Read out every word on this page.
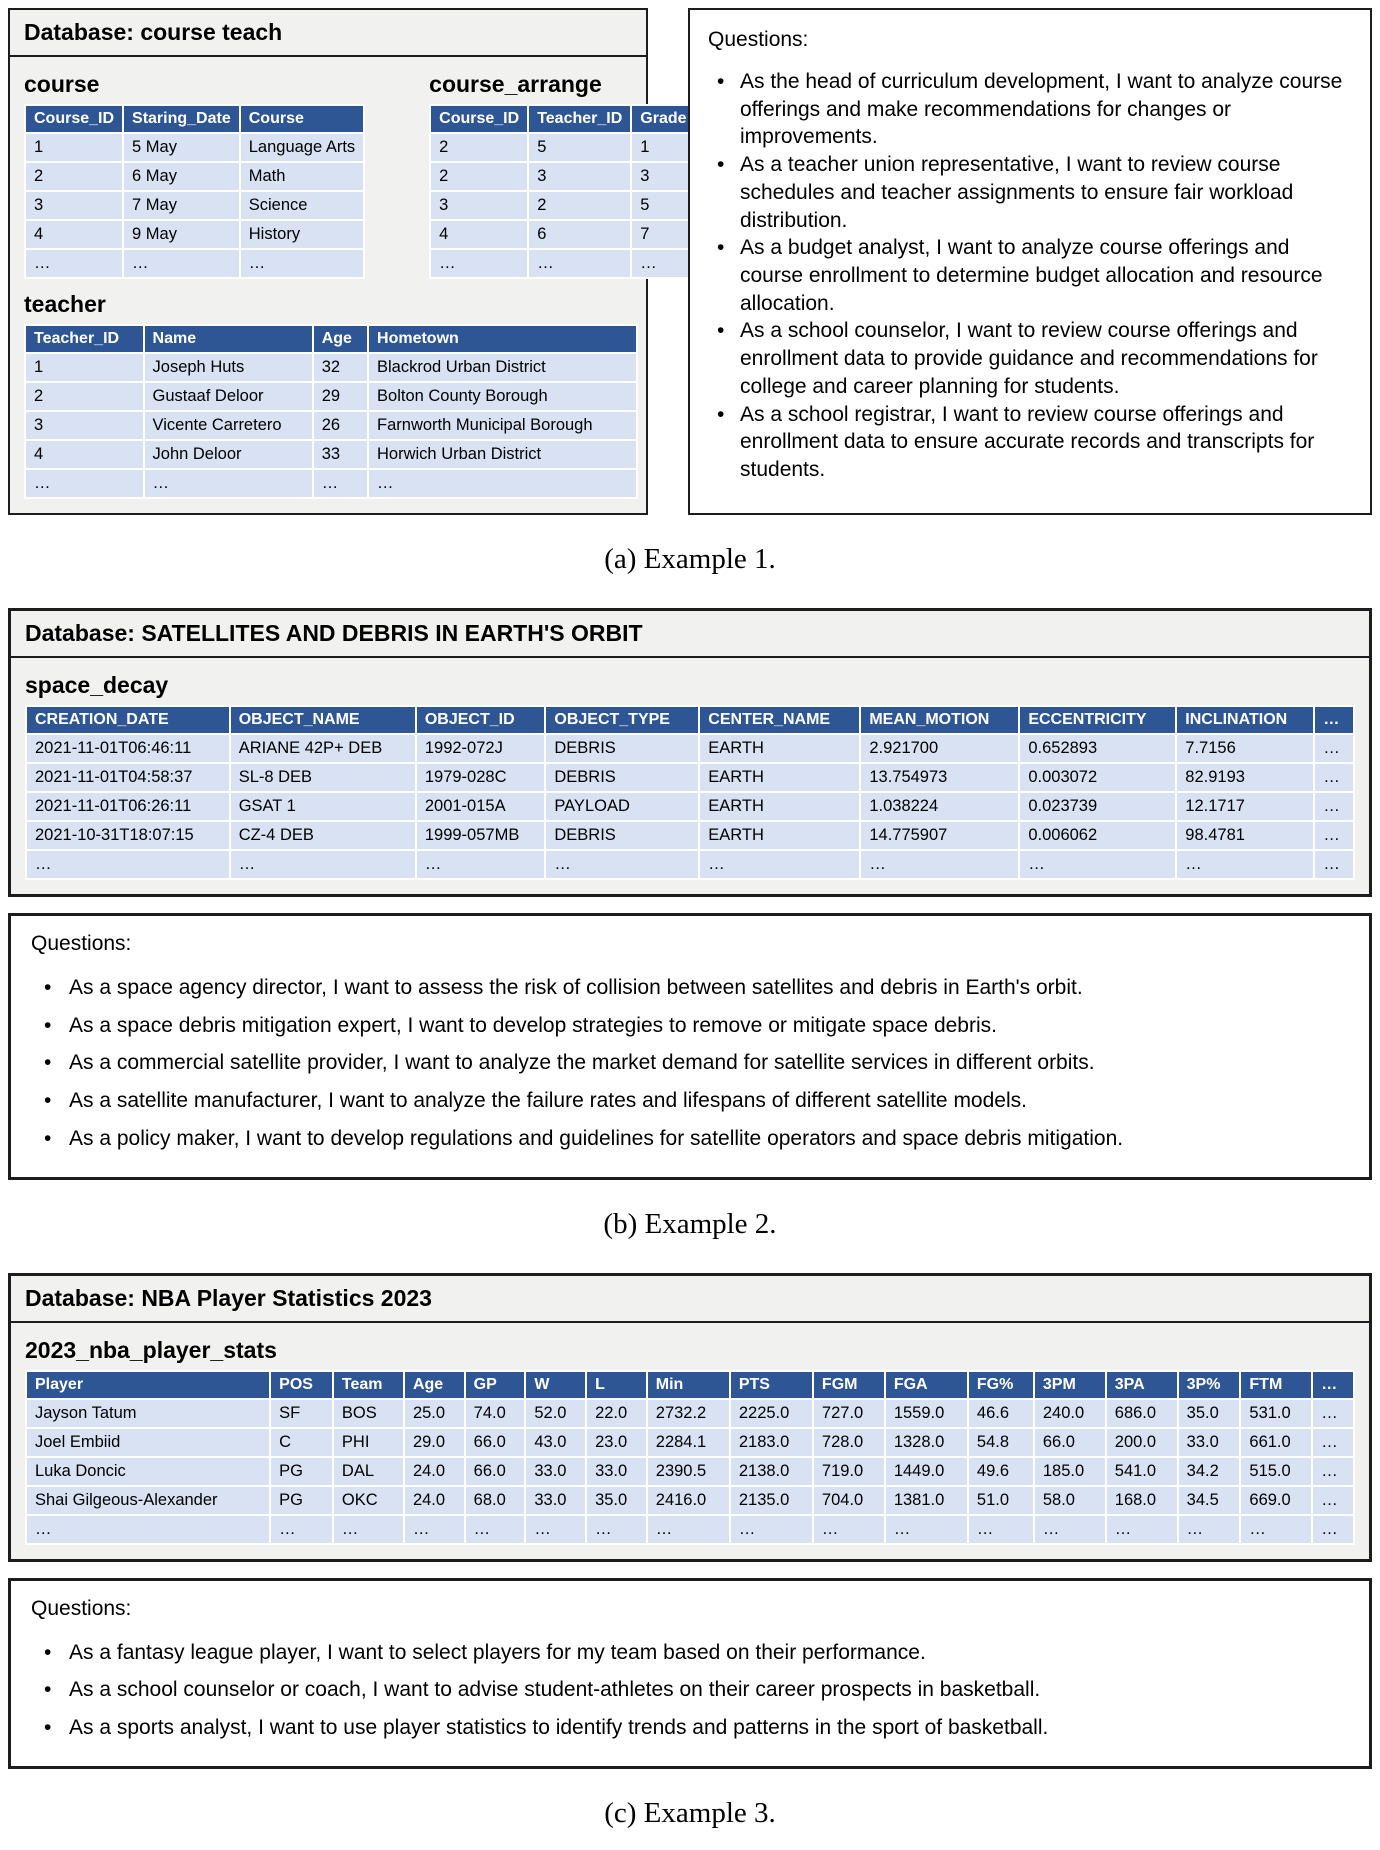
Database: course teach
course
Course_ID	Staring_Date	Course
1	5 May	Language Arts
2	6 May	Math
3	7 May	Science
4	9 May	History
…	…	…
course_arrange
Course_ID	Teacher_ID	Grade
2	5	1
2	3	3
3	2	5
4	6	7
…	…	…
teacher
Teacher_ID	Name	Age	Hometown
1	Joseph Huts	32	Blackrod Urban District
2	Gustaaf Deloor	29	Bolton County Borough
3	Vicente Carretero	26	Farnworth Municipal Borough
4	John Deloor	33	Horwich Urban District
…	…	…	…
Questions:
• As the head of curriculum development, I want to analyze course offerings and make recommendations for changes or improvements.
• As a teacher union representative, I want to review course schedules and teacher assignments to ensure fair workload distribution.
• As a budget analyst, I want to analyze course offerings and course enrollment to determine budget allocation and resource allocation.
• As a school counselor, I want to review course offerings and enrollment data to provide guidance and recommendations for college and career planning for students.
• As a school registrar, I want to review course offerings and enrollment data to ensure accurate records and transcripts for students.
(a) Example 1.
Database: SATELLITES AND DEBRIS IN EARTH'S ORBIT
space_decay
CREATION_DATE	OBJECT_NAME	OBJECT_ID	OBJECT_TYPE	CENTER_NAME	MEAN_MOTION	ECCENTRICITY	INCLINATION	…
2021-11-01T06:46:11	ARIANE 42P+ DEB	1992-072J	DEBRIS	EARTH	2.921700	0.652893	7.7156	…
2021-11-01T04:58:37	SL-8 DEB	1979-028C	DEBRIS	EARTH	13.754973	0.003072	82.9193	…
2021-11-01T06:26:11	GSAT 1	2001-015A	PAYLOAD	EARTH	1.038224	0.023739	12.1717	…
2021-10-31T18:07:15	CZ-4 DEB	1999-057MB	DEBRIS	EARTH	14.775907	0.006062	98.4781	…
…	…	…	…	…	…	…	…	…
Questions:
• As a space agency director, I want to assess the risk of collision between satellites and debris in Earth's orbit.
• As a space debris mitigation expert, I want to develop strategies to remove or mitigate space debris.
• As a commercial satellite provider, I want to analyze the market demand for satellite services in different orbits.
• As a satellite manufacturer, I want to analyze the failure rates and lifespans of different satellite models.
• As a policy maker, I want to develop regulations and guidelines for satellite operators and space debris mitigation.
(b) Example 2.
Database: NBA Player Statistics 2023
2023_nba_player_stats
Player	POS	Team	Age	GP	W	L	Min	PTS	FGM	FGA	FG%	3PM	3PA	3P%	FTM	…
Jayson Tatum	SF	BOS	25.0	74.0	52.0	22.0	2732.2	2225.0	727.0	1559.0	46.6	240.0	686.0	35.0	531.0	…
Joel Embiid	C	PHI	29.0	66.0	43.0	23.0	2284.1	2183.0	728.0	1328.0	54.8	66.0	200.0	33.0	661.0	…
Luka Doncic	PG	DAL	24.0	66.0	33.0	33.0	2390.5	2138.0	719.0	1449.0	49.6	185.0	541.0	34.2	515.0	…
Shai Gilgeous-Alexander	PG	OKC	24.0	68.0	33.0	35.0	2416.0	2135.0	704.0	1381.0	51.0	58.0	168.0	34.5	669.0	…
…	…	…	…	…	…	…	…	…	…	…	…	…	…	…	…	…
Questions:
• As a fantasy league player, I want to select players for my team based on their performance.
• As a school counselor or coach, I want to advise student-athletes on their career prospects in basketball.
• As a sports analyst, I want to use player statistics to identify trends and patterns in the sport of basketball.
(c) Example 3.
